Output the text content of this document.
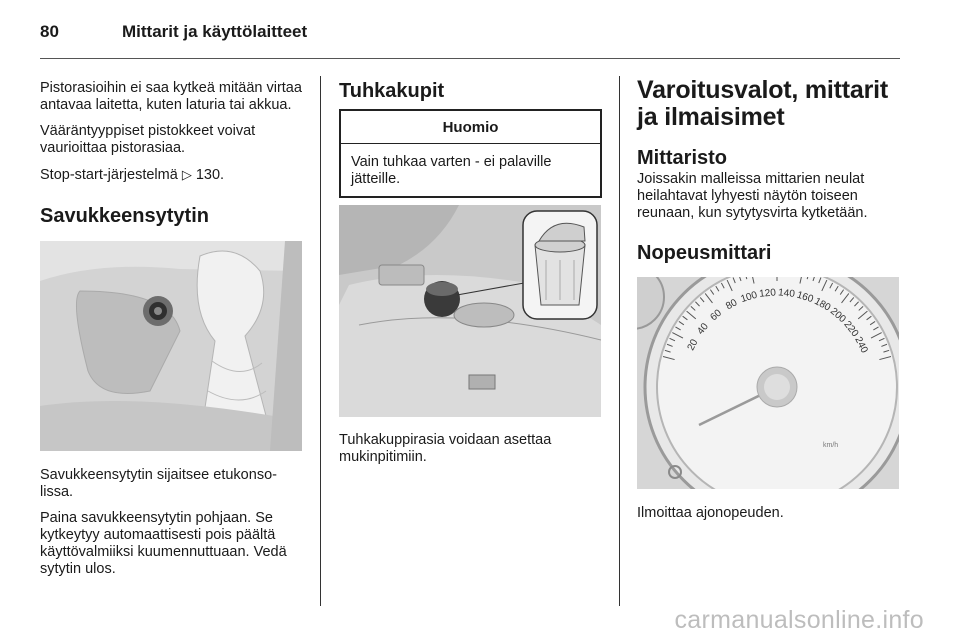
80	Mittarit ja käyttölaitteet

Pistorasioihin ei saa kytkeä mitään virtaa antavaa laitetta, kuten laturia tai akkua.

Vääräntyyppiset pistokkeet voivat vaurioittaa pistorasiaa.

Stop-start-järjestelmä ▷ 130.

Savukkeensytytin

Savukkeensytytin sijaitsee etukonso-lissa.

Paina savukkeensytytin pohjaan. Se kytkeytyy automaattisesti pois päältä käyttövalmiiksi kuumennuttuaan. Vedä sytytin ulos.

Tuhkakupit
Huomio
Vain tuhkaa varten - ei palaville jätteille.

Tuhkakuppirasia voidaan asettaa mukinpitimiin.

Varoitusvalot, mittarit ja ilmaisimet
Mittaristo

Joissakin malleissa mittarien neulat heilahtavat lyhyesti näytön toiseen reunaan, kun sytytysvirta kytketään.

Nopeusmittari
20
40
60
80 100 120 140 160
180
200
220
240
km/h

Ilmoittaa ajonopeuden.

carmanualsonline.info
